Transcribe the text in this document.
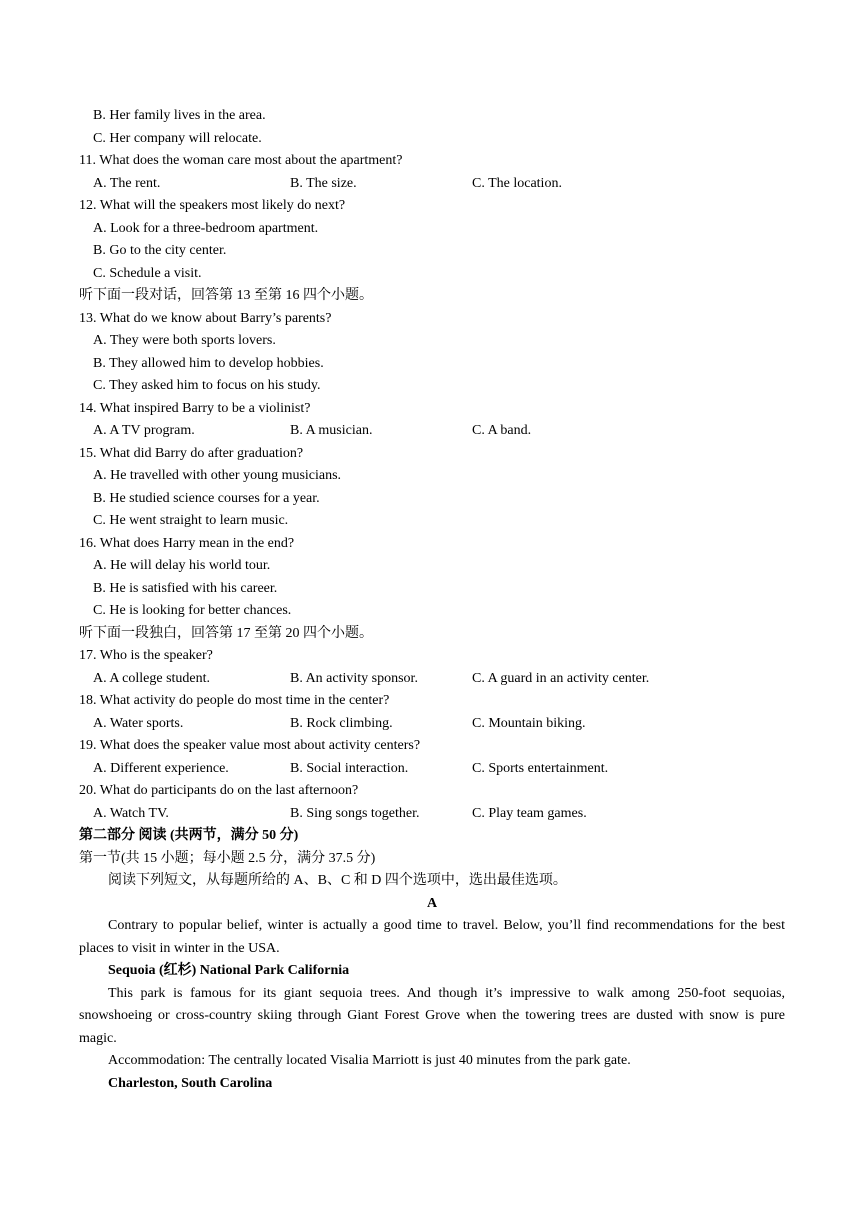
B. Her family lives in the area.
C. Her company will relocate.
11. What does the woman care most about the apartment?
A. The rent.	B. The size.	C. The location.
12. What will the speakers most likely do next?
A. Look for a three-bedroom apartment.
B. Go to the city center.
C. Schedule a visit.
听下面一段对话，回答第 13 至第 16 四个小题。
13. What do we know about Barry’s parents?
A. They were both sports lovers.
B. They allowed him to develop hobbies.
C. They asked him to focus on his study.
14. What inspired Barry to be a violinist?
A. A TV program.	B. A musician.	C. A band.
15. What did Barry do after graduation?
A. He travelled with other young musicians.
B. He studied science courses for a year.
C. He went straight to learn music.
16. What does Harry mean in the end?
A. He will delay his world tour.
B. He is satisfied with his career.
C. He is looking for better chances.
听下面一段独白，回答第 17 至第 20 四个小题。
17. Who is the speaker?
A. A college student.	B. An activity sponsor.	C. A guard in an activity center.
18. What activity do people do most time in the center?
A. Water sports.	B. Rock climbing.	C. Mountain biking.
19. What does the speaker value most about activity centers?
A. Different experience.	B. Social interaction.	C. Sports entertainment.
20. What do participants do on the last afternoon?
A. Watch TV.	B. Sing songs together.	C. Play team games.
第二部分 阅读 (共两节，满分 50 分)
第一节(共 15 小题；每小题 2.5 分，满分 37.5 分)
阅读下列短文，从每题所给的 A、B、C 和 D 四个选项中，选出最佳选项。
A

Contrary to popular belief, winter is actually a good time to travel. Below, you’ll find recommendations for the best places to visit in winter in the USA.

Sequoia (红杉) National Park California

This park is famous for its giant sequoia trees. And though it’s impressive to walk among 250-foot sequoias, snowshoeing or cross-country skiing through Giant Forest Grove when the towering trees are dusted with snow is pure magic.

Accommodation: The centrally located Visalia Marriott is just 40 minutes from the park gate.
Charleston, South Carolina
